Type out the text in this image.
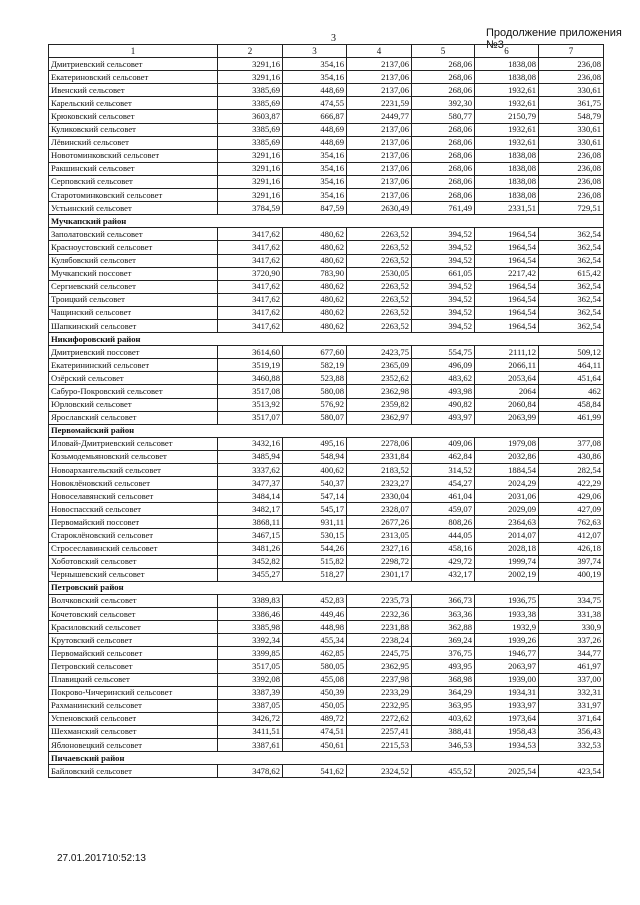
3	Продолжение приложения №3
1	2	3	4	5	6	7
Дмитриевский сельсовет	3291,16	354,16	2137,06	268,06	1838,08	236,08
Екатериновский сельсовет	3291,16	354,16	2137,06	268,06	1838,08	236,08
Ивенский сельсовет	3385,69	448,69	2137,06	268,06	1932,61	330,61
Карельский сельсовет	3385,69	474,55	2231,59	392,30	1932,61	361,75
Крюковский сельсовет	3603,87	666,87	2449,77	580,77	2150,79	548,79
Куликовский сельсовет	3385,69	448,69	2137,06	268,06	1932,61	330,61
Лёвинский сельсовет	3385,69	448,69	2137,06	268,06	1932,61	330,61
Новотоминковский сельсовет	3291,16	354,16	2137,06	268,06	1838,08	236,08
Ракшинский сельсовет	3291,16	354,16	2137,06	268,06	1838,08	236,08
Серповский сельсовет	3291,16	354,16	2137,06	268,06	1838,08	236,08
Старотоминковский сельсовет	3291,16	354,16	2137,06	268,06	1838,08	236,08
Устьинский сельсовет	3784,59	847,59	2630,49	761,49	2331,51	729,51
Мучкапский район						
Заполатовский сельсовет	3417,62	480,62	2263,52	394,52	1964,54	362,54
Красноустовский сельсовет	3417,62	480,62	2263,52	394,52	1964,54	362,54
Кулябовский сельсовет	3417,62	480,62	2263,52	394,52	1964,54	362,54
Мучкапский поссовет	3720,90	783,90	2530,05	661,05	2217,42	615,42
Сергиевский сельсовет	3417,62	480,62	2263,52	394,52	1964,54	362,54
Троицкий сельсовет	3417,62	480,62	2263,52	394,52	1964,54	362,54
Чащинский сельсовет	3417,62	480,62	2263,52	394,52	1964,54	362,54
Шапкинский сельсовет	3417,62	480,62	2263,52	394,52	1964,54	362,54
Никифоровский район						
Дмитриевский поссовет	3614,60	677,60	2423,75	554,75	2111,12	509,12
Екатерининский сельсовет	3519,19	582,19	2365,09	496,09	2066,11	464,11
Озёрский сельсовет	3460,88	523,88	2352,62	483,62	2053,64	451,64
Сабуро-Покровский сельсовет	3517,08	580,08	2362,98	493,98	2064	462
Юрловский сельсовет	3513,92	576,92	2359,82	490,82	2060,84	458,84
Ярославский сельсовет	3517,07	580,07	2362,97	493,97	2063,99	461,99
Первомайский район						
Иловай-Дмитриевский сельсовет	3432,16	495,16	2278,06	409,06	1979,08	377,08
Козьмодемьяновский сельсовет	3485,94	548,94	2331,84	462,84	2032,86	430,86
Новоархангельский сельсовет	3337,62	400,62	2183,52	314,52	1884,54	282,54
Новоклёновский сельсовет	3477,37	540,37	2323,27	454,27	2024,29	422,29
Новоселавянский сельсовет	3484,14	547,14	2330,04	461,04	2031,06	429,06
Новоспасский сельсовет	3482,17	545,17	2328,07	459,07	2029,09	427,09
Первомайский поссовет	3868,11	931,11	2677,26	808,26	2364,63	762,63
Староклёновский сельсовет	3467,15	530,15	2313,05	444,05	2014,07	412,07
Стросеславинский сельсовет	3481,26	544,26	2327,16	458,16	2028,18	426,18
Хоботовский сельсовет	3452,82	515,82	2298,72	429,72	1999,74	397,74
Чернышевский сельсовет	3455,27	518,27	2301,17	432,17	2002,19	400,19
Петровский район						
Волчковский сельсовет	3389,83	452,83	2235,73	366,73	1936,75	334,75
Кочетовский сельсовет	3386,46	449,46	2232,36	363,36	1933,38	331,38
Красиловский сельсовет	3385,98	448,98	2231,88	362,88	1932,9	330,9
Крутовский сельсовет	3392,34	455,34	2238,24	369,24	1939,26	337,26
Первомайский сельсовет	3399,85	462,85	2245,75	376,75	1946,77	344,77
Петровский сельсовет	3517,05	580,05	2362,95	493,95	2063,97	461,97
Плавицкий сельсовет	3392,08	455,08	2237,98	368,98	1939,00	337,00
Покрово-Чичеринский сельсовет	3387,39	450,39	2233,29	364,29	1934,31	332,31
Рахманинский сельсовет	3387,05	450,05	2232,95	363,95	1933,97	331,97
Успеновский сельсовет	3426,72	489,72	2272,62	403,62	1973,64	371,64
Шехманский сельсовет	3411,51	474,51	2257,41	388,41	1958,43	356,43
Яблоновецкий сельсовет	3387,61	450,61	2215,53	346,53	1934,53	332,53
Пичаевский район						
Байловский сельсовет	3478,62	541,62	2324,52	455,52	2025,54	423,54
27.01.201710:52:13
